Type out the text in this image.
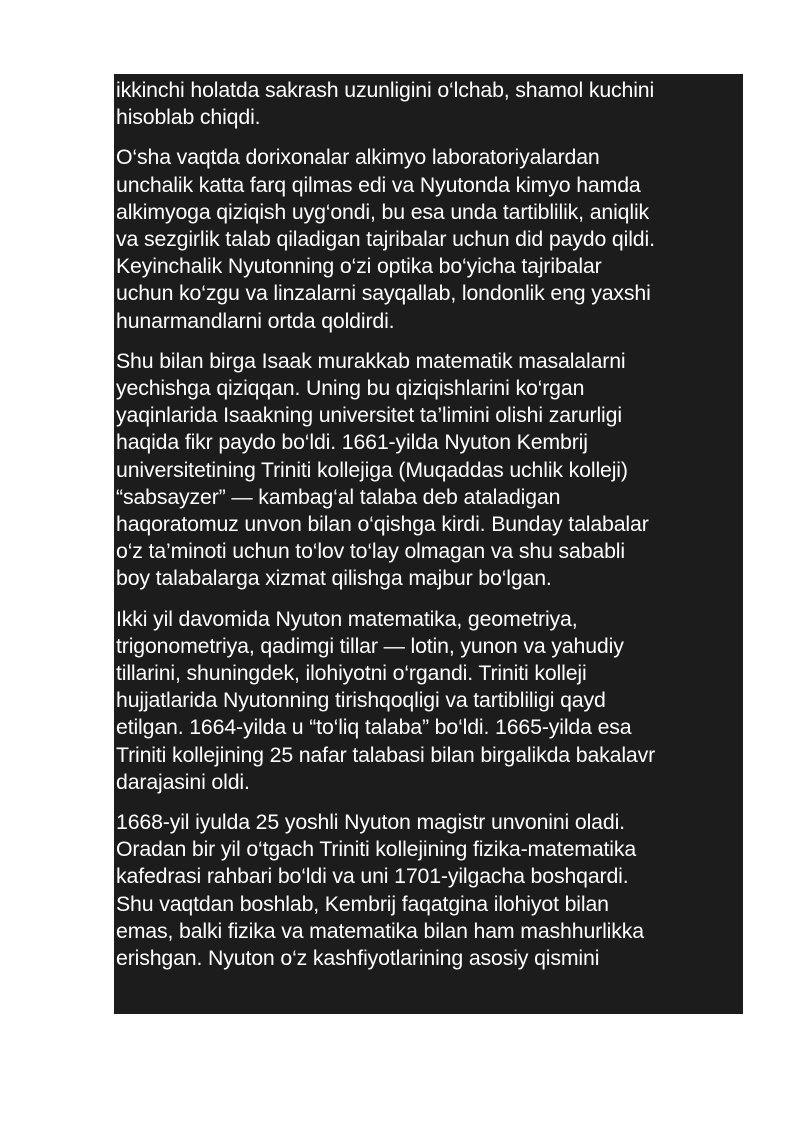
ikkinchi holatda sakrash uzunligini o‘lchab, shamol kuchini
hisoblab chiqdi.

O‘sha vaqtda dorixonalar alkimyo laboratoriyalardan
unchalik katta farq qilmas edi va Nyutonda kimyo hamda
alkimyoga qiziqish uyg‘ondi, bu esa unda tartiblilik, aniqlik
va sezgirlik talab qiladigan tajribalar uchun did paydo qildi.
Keyinchalik Nyutonning o‘zi optika bo‘yicha tajribalar
uchun ko‘zgu va linzalarni sayqallab, londonlik eng yaxshi
hunarmandlarni ortda qoldirdi.

Shu bilan birga Isaak murakkab matematik masalalarni
yechishga qiziqqan. Uning bu qiziqishlarini ko‘rgan
yaqinlarida Isaakning universitet ta’limini olishi zarurligi
haqida fikr paydo bo‘ldi. 1661-yilda Nyuton Kembrij
universitetining Triniti kollejiga (Muqaddas uchlik kolleji)
“sabsayzer” — kambag‘al talaba deb ataladigan
haqoratomuz unvon bilan o‘qishga kirdi. Bunday talabalar
o‘z ta’minoti uchun to‘lov to‘lay olmagan va shu sababli
boy talabalarga xizmat qilishga majbur bo‘lgan.

Ikki yil davomida Nyuton matematika, geometriya,
trigonometriya, qadimgi tillar — lotin, yunon va yahudiy
tillarini, shuningdek, ilohiyotni o‘rgandi. Triniti kolleji
hujjatlarida Nyutonning tirishqoqligi va tartibliligi qayd
etilgan. 1664-yilda u “to‘liq talaba” bo‘ldi. 1665-yilda esa
Triniti kollejining 25 nafar talabasi bilan birgalikda bakalavr
darajasini oldi.

1668-yil iyulda 25 yoshli Nyuton magistr unvonini oladi.
Oradan bir yil o‘tgach Triniti kollejining fizika-matematika
kafedrasi rahbari bo‘ldi va uni 1701-yilgacha boshqardi.
Shu vaqtdan boshlab, Kembrij faqatgina ilohiyot bilan
emas, balki fizika va matematika bilan ham mashhurlikka
erishgan. Nyuton o‘z kashfiyotlarining asosiy qismini
